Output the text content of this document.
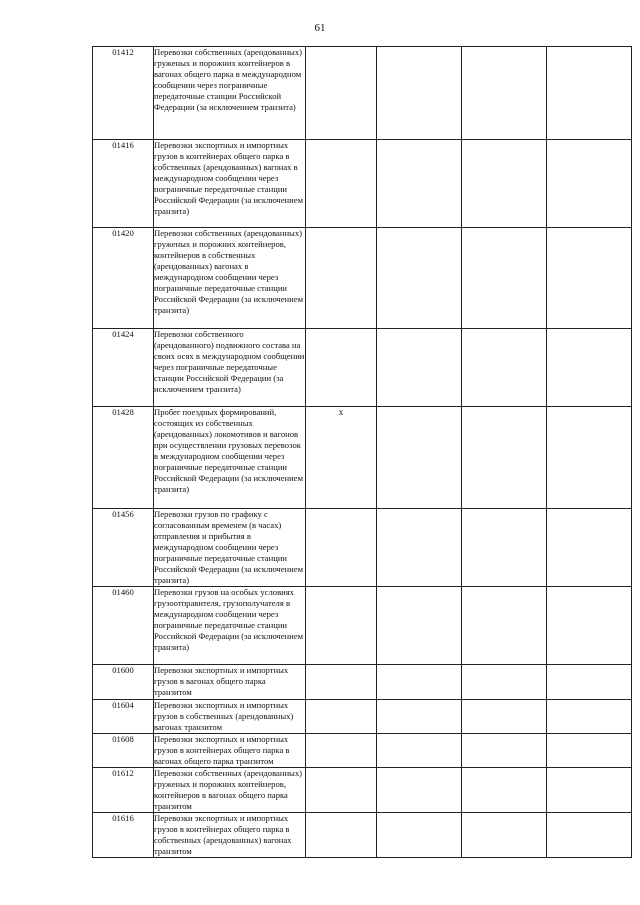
61
01412	Перевозки собственных (арендованных) груженых и порожних контейнеров в вагонах общего парка в международном сообщении через пограничные передаточные станции Российской Федерации (за исключением транзита)				
01416	Перевозки экспортных и импортных грузов в контейнерах общего парка в собственных (арендованных) вагонах в международном сообщении через пограничные передаточные станции Российской Федерации (за исключением транзита)				
01420	Перевозки собственных (арендованных) груженых и порожних контейнеров, контейнеров в собственных (арендованных) вагонах в международном сообщении через пограничные передаточные станции Российской Федерации (за исключением транзита)				
01424	Перевозки собственного (арендованного) подвижного состава на своих осях в международном сообщении через пограничные передаточные станции Российской Федерации (за исключением транзита)				
01428	Пробег поездных формирований, состоящих из собственных (арендованных) локомотивов и вагонов при осуществлении грузовых перевозок в международном сообщении через пограничные передаточные станции Российской Федерации (за исключением транзита)	x			
01456	Перевозки грузов по графику с согласованным временем (в часах) отправления и прибытия в международном сообщении через пограничные передаточные станции Российской Федерации (за исключением транзита)				
01460	Перевозки грузов на особых условиях грузоотправителя, грузополучателя в международном сообщении через пограничные передаточные станции Российской Федерации (за исключением транзита)				
01600	Перевозки экспортных и импортных грузов в вагонах общего парка транзитом				
01604	Перевозки экспортных и импортных грузов в собственных (арендованных) вагонах транзитом				
01608	Перевозки экспортных и импортных грузов в контейнерах общего парка в вагонах общего парка транзитом				
01612	Перевозки собственных (арендованных) груженых и порожних контейнеров, контейнеров в вагонах общего парка транзитом				
01616	Перевозки экспортных и импортных грузов в контейнерах общего парка в собственных (арендованных) вагонах транзитом				
